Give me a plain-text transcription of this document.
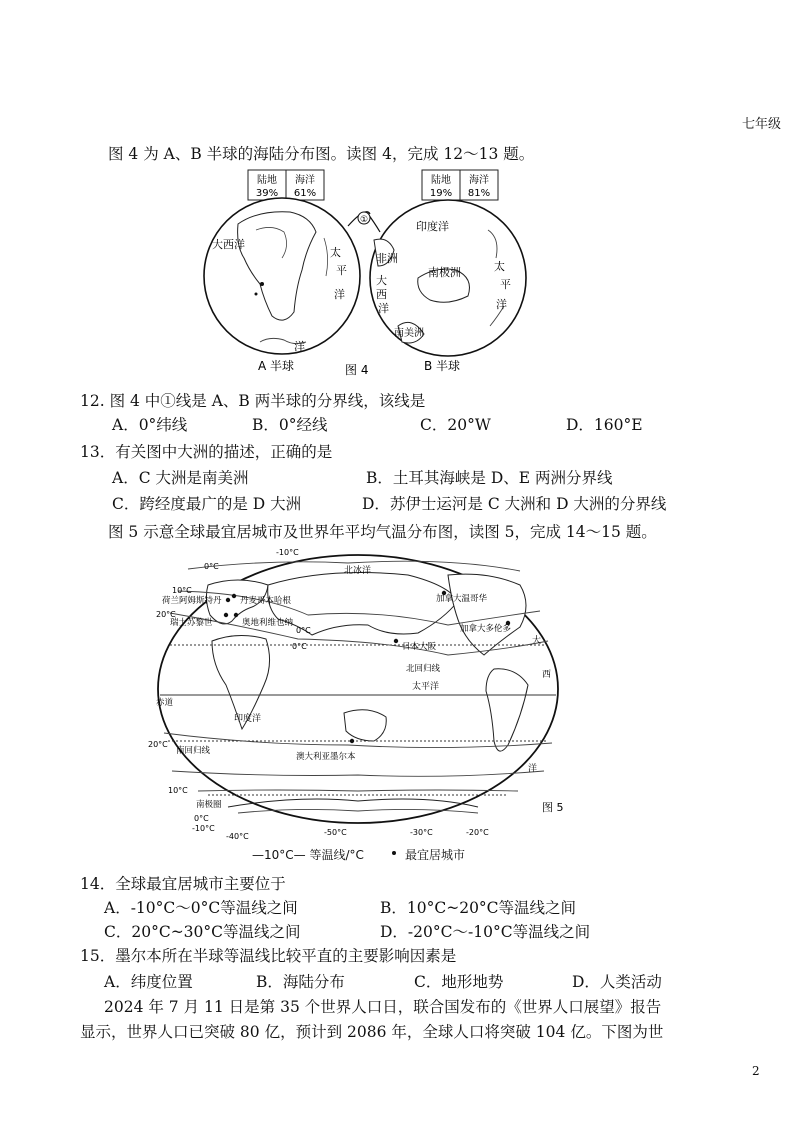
七年级
图 4 为 A、B 半球的海陆分布图。读图 4，完成 12～13 题。
陆地
39%
海洋
61%
陆地
19%
海洋
81%
大西洋
太
平
洋
洋
印度洋
非洲
南极洲
大
西
洋
太
平
洋
南美洲
①
A 半球	图 4	B 半球
12. 图 4 中①线是 A、B 两半球的分界线，该线是
A．0°纬线	B．0°经线	C．20°W	D．160°E
13．有关图中大洲的描述，正确的是
A．C 大洲是南美洲	B．土耳其海峡是 D、E 两洲分界线
C．跨经度最广的是 D 大洲	D．苏伊士运河是 C 大洲和 D 大洲的分界线
图 5 示意全球最宜居城市及世界年平均气温分布图，读图 5，完成 14～15 题。
-10°C
0°C	北冰洋
10°C
荷兰阿姆斯特丹 丹麦哥本哈根
20°C
瑞士苏黎世	奥地利维也纳
0°C
加拿大温哥华
加拿大多伦多
大
西
洋
0°C	日本大阪
北回归线
太平洋
赤道
印度洋
20°C
南回归线
澳大利亚墨尔本
10°C
南极圈
0°C
-10°C
-40°C	-50°C	-30°C	-20°C
图 5
—10°C— 等温线/°C	最宜居城市
14．全球最宜居城市主要位于
A．-10°C～0°C等温线之间	B．10°C~20°C等温线之间
C．20°C~30°C等温线之间	D．-20°C～-10°C等温线之间
15．墨尔本所在半球等温线比较平直的主要影响因素是
A．纬度位置	B．海陆分布	C．地形地势	D．人类活动
2024 年 7 月 11 日是第 35 个世界人口日，联合国发布的《世界人口展望》报告
显示，世界人口已突破 80 亿，预计到 2086 年，全球人口将突破 104 亿。下图为世
2
